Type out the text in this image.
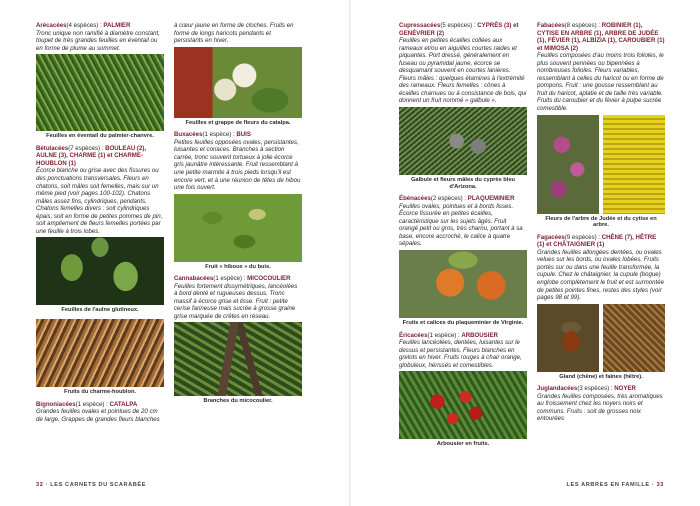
Arécacées(4 espèces) : PALMIER
Tronc unique non ramifié à diamètre constant, toupet de très grandes feuilles en éventail ou en forme de plume au sommet.

Feuilles en éventail du palmier-chanvre.

Bétulacées(7 espèces) : BOULEAU (2), AULNE (3), CHARME (1) et CHARME-HOUBLON (1)
Écorce blanche ou grise avec des fissures ou des ponctuations transversales. Fleurs en chatons, soit mâles soit femelles, mais sur un même pied (voir pages 100-102). Chatons mâles assez fins, cylindriques, pendants. Chatons femelles divers : soit cylindriques épais, soit en forme de petites pommes de pin, soit ampliement de fleurs femelles portées par une feuille à trois lobes.

Feuilles de l'aulne glutineux.
Fruits du charme-houblon.

Bignoniacées(1 espèce) : CATALPA
Grandes feuilles ovales et pointues de 20 cm de large. Grappes de grandes fleurs blanches

à cœur jaune en forme de cloches. Fruits en forme de longs haricots pendants et persistants en hiver.

Feuilles et grappe de fleurs du catalpa.

Buxacées(1 espèce) : BUIS
Petites feuilles opposées ovales, persistantes, luisantes et coriaces. Branches à section carrée, tronc souvent tortueux à jolie écorce gris jaunâtre intéressante. Fruit ressemblant à une petite marmite à trois pieds lorsqu'il est encore vert, et à une réunion de têtes de hibou une fois ouvert.

Fruit « hiboux » du buis.

Cannabacées(1 espèce) : MICOCOULIER
Feuilles fortement dissymétriques, lancéolées à bord denté et rugueuses dessus. Tronc massif à écorce grise et lisse. Fruit : petite cerise farineuse mais sucrée à grosse graine grise marquée de crêtes en réseau.

Branches du micocoulier.
32 · LES CARNETS DU SCARABÉE

Cupressacées(5 espèces) : CYPRÈS (3) et GENÉVRIER (2)
Feuilles en petites écailles collées aux rameaux et/ou en aiguilles courtes raides et piquantes. Port dressé, généralement en fuseau ou pyramidal jaune, écorce se desquamant souvent en courtes lanières. Fleurs mâles : quelques étamines à l'extrémité des rameaux. Fleurs femelles : cônes à écailles charnues ou à consistance de bois, qui donnent un fruit nommé « galbule ».

Galbule et fleurs mâles du cyprès bleu d'Arizona.

Ébénacées(2 espèces) : PLAQUEMINIER
Feuilles ovales, pointues et à bords lisses. Écorce fissurée en petites écailles, caractéristique sur les sujets âgés. Fruit orangé petit ou gros, très charnu, portant à sa base, encore accroché, le calice à quatre sépales.

Fruits et calices du plaqueminier de Virginie.

Éricacées(1 espèce) : ARBOUSIER
Feuilles lancéolées, dentées, luisantes sur le dessus et persistantes. Fleurs blanches en grelots en hiver. Fruits rouges à chair orange, globuleux, hérissés et comestibles.

Arbousier en fruits.

Fabacées(8 espèces) : ROBINIER (1), CYTISE EN ARBRE (1), ARBRE DE JUDÉE (1), FÉVIER (1), ALBIZIA (1), CAROUBIER (1) et MIMOSA (2)
Feuilles composées d'au moins trois folioles, le plus souvent pennées ou bipennées à nombreuses folioles. Fleurs variables, ressemblant à celles du haricot ou en forme de pompons. Fruit : une gousse ressemblant au fruit du haricot, aplatie et de taille très variable. Fruits du caroubier et du févier à pulpe sucrée comestible.

Fleurs de l'arbre de Judée et du cytise en arbre.

Fagacées(9 espèces) : CHÊNE (7), HÊTRE (1) et CHÂTAIGNIER (1)
Grandes feuilles allongées dentées, ou ovales velues sur les bords, ou ovales lobées. Fruits portés sur ou dans une feuille transformée, la cupule. Chez le châtaignier, la cupule (bogue) englobe complètement le fruit et est surmontée de petites pointes fines, restes des styles (voir pages 98 et 99).

Gland (chêne) et faînes (hêtre).

Juglandacées(3 espèces) : NOYER
Grandes feuilles composées, très aromatiques au froissement chez les noyers noirs et communs. Fruits : soit de grosses noix entourées

LES ARBRES EN FAMILLE · 33
